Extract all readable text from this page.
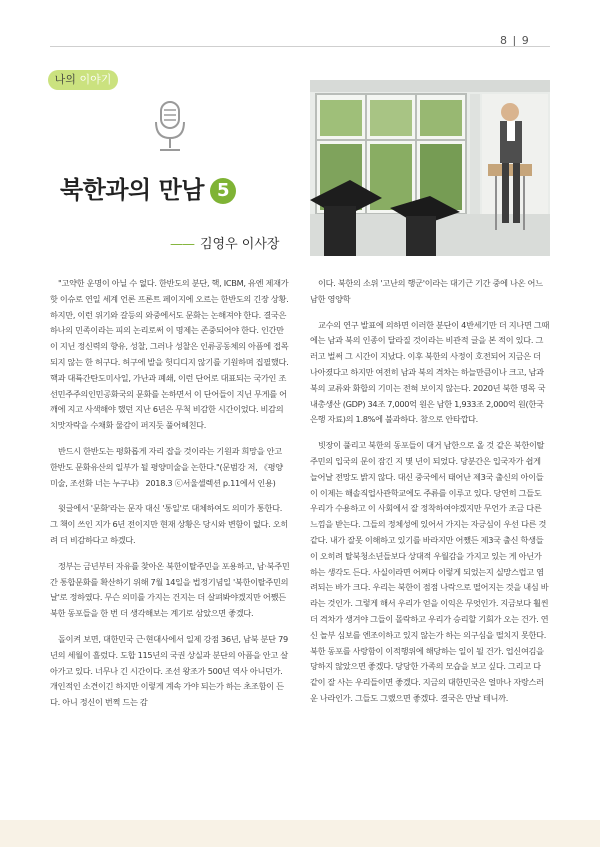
8 | 9
나의 이야기
북한과의 만남 5
—— 김영우 이사장

"고약한 운명이 아닐 수 없다. 한반도의 분단, 핵, ICBM, 유엔 제재가 핫 이슈로 연일 세계 언론 프론트 페이지에 오르는 한반도의 긴장 상황. 하지만, 이런 위기와 갈등의 와중에서도 문화는 논해져야 한다. 결국은 하나의 민족이라는 피의 논리로써 이 명제는 존중되어야 한다. 인간만이 지닌 정신력의 향유, 성찰, 그러나 성찰은 인류공동체의 아픔에 접목되지 않는 한 허구다. 허구에 발을 헛디디지 않기를 기원하며 집필했다. 핵과 대륙간탄도미사일, 가난과 폐쇄, 이런 단어로 대표되는 국가인 조선민주주의인민공화국의 문화를 논하면서 이 단어들이 지닌 무게를 어깨에 지고 사색해야 했던 지난 6년은 무척 비감한 시간이었다. 비감의 치맛자락을 수채화 물감이 퍼지듯 풀어헤친다.

반드시 한반도는 평화롭게 자리 잡을 것이라는 기원과 희망을 안고 한반도 문화유산의 일부가 될 평양미술을 논한다."(문범강 저, 《평양미술, 조선화 너는 누구냐》 2018.3 ⓒ서울셀렉션 p.11에서 인용)

윗글에서 '문화'라는 문자 대신 '통일'로 대체하여도 의미가 통한다. 그 책이 쓰인 지가 6년 전이지만 현재 상황은 당시와 변함이 없다. 오히려 더 비감하다고 하겠다.

정부는 금년부터 자유를 찾아온 북한이탈주민을 포용하고, 남·북주민 간 통합문화를 확산하기 위해 7월 14일을 법정기념일 '북한이탈주민의 날'로 정하였다. 무슨 의미를 가지는 건지는 더 살펴봐야겠지만 어쨌든 북한 동포들을 한 번 더 생각해보는 계기로 삼았으면 좋겠다.

돌이켜 보면, 대한민국 근·현대사에서 일제 강점 36년, 남북 분단 79년의 세월이 흘렀다. 도합 115년의 국권 상실과 분단의 아픔을 안고 살아가고 있다. 너무나 긴 시간이다. 조선 왕조가 500년 역사 아니던가. 개인적인 소견이긴 하지만 이렇게 계속 가야 되는가 하는 초조함이 든다. 아니 정신이 번쩍 드는 감

이다. 북한의 소위 '고난의 행군'이라는 대기근 기간 중에 나온 어느 남한 영양학

교수의 연구 발표에 의하면 이러한 분단이 4반세기만 더 지나면 그때에는 남과 북의 인종이 달라질 것이라는 비관적 글을 본 적이 있다. 그러고 벌써 그 시간이 지났다. 이후 북한의 사정이 호전되어 지금은 더 나아졌다고 하지만 여전히 남과 북의 격차는 하늘만큼이나 크고, 남과 북의 교류와 화합의 기미는 전혀 보이지 않는다. 2020년 북한 명목 국내총생산 (GDP) 34조 7,000억 원은 남한 1,933조 2,000억 원(한국은행 자료)의 1.8%에 불과하다. 참으로 안타깝다.

빗장이 풀리고 북한의 동포들이 대거 남한으로 올 것 같은 북한이탈주민의 입국의 문이 잠긴 지 몇 년이 되었다. 당분간은 입국자가 쉽게 늘어날 전망도 밝지 않다. 대신 중국에서 태어난 제3국 출신의 아이들이 이제는 해솔직업사관학교에도 주류를 이루고 있다. 당연히 그들도 우리가 수용하고 이 사회에서 잘 정착하여야겠지만 무언가 조금 다른 느낌을 받는다. 그들의 정체성에 있어서 가지는 자긍심이 우선 다른 것 같다. 내가 잘못 이해하고 있기를 바라지만 어쨌든 제3국 출신 학생들이 오히려 탈북청소년들보다 상대적 우월감을 가지고 있는 게 아닌가 하는 생각도 든다. 사실이라면 어쩌다 이렇게 되었는지 실망스럽고 염려되는 바가 크다. 우리는 북한이 점점 나락으로 떨어지는 것을 내심 바라는 것인가. 그렇게 해서 우리가 얻을 이익은 무엇인가. 지금보다 훨씬 더 격차가 생겨야 그들이 몰락하고 우리가 승리할 기회가 오는 건가. 연신 놀부 심보를 엔조이하고 있지 않는가 하는 의구심을 떨치지 못한다. 북한 동포를 사랑함이 이적행위에 해당하는 일이 될 건가. 업신여김을 당하지 않았으면 좋겠다. 당당한 가족의 모습을 보고 싶다. 그리고 다 같이 잘 사는 우리들이면 좋겠다. 지금의 대한민국은 얼마나 자랑스러운 나라인가. 그들도 그랬으면 좋겠다. 결국은 만날 테니까.
